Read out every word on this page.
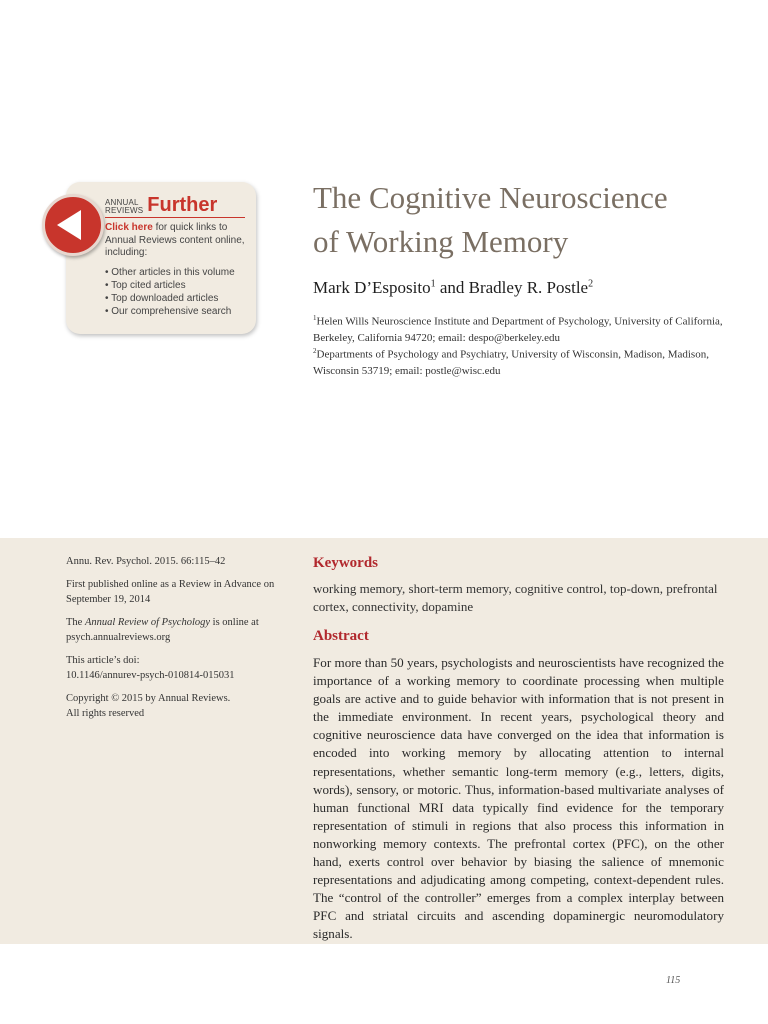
ANNUAL
REVIEWS Further
Click here for quick links to Annual Reviews content online, including:
• Other articles in this volume
• Top cited articles
• Top downloaded articles
• Our comprehensive search
The Cognitive Neuroscience
of Working Memory
Mark D’Esposito$^1$ and Bradley R. Postle$^2$
$^1$Helen Wills Neuroscience Institute and Department of Psychology, University of California, Berkeley, California 94720; email: despo@berkeley.edu
$^2$Departments of Psychology and Psychiatry, University of Wisconsin, Madison, Madison, Wisconsin 53719; email: postle@wisc.edu

Annu. Rev. Psychol. 2015. 66:115–42

First published online as a Review in Advance on September 19, 2014

The Annual Review of Psychology is online at psych.annualreviews.org

This article’s doi:
10.1146/annurev-psych-010814-015031

Copyright © 2015 by Annual Reviews.
All rights reserved

Keywords
working memory, short-term memory, cognitive control, top-down, prefrontal cortex, connectivity, dopamine
Abstract

For more than 50 years, psychologists and neuroscientists have recognized the importance of a working memory to coordinate processing when multiple goals are active and to guide behavior with information that is not present in the immediate environment. In recent years, psychological theory and cognitive neuroscience data have converged on the idea that information is encoded into working memory by allocating attention to internal representations, whether semantic long-term memory (e.g., letters, digits, words), sensory, or motoric. Thus, information-based multivariate analyses of human functional MRI data typically find evidence for the temporary representation of stimuli in regions that also process this information in nonworking memory contexts. The prefrontal cortex (PFC), on the other hand, exerts control over behavior by biasing the salience of mnemonic representations and adjudicating among competing, context-dependent rules. The “control of the controller” emerges from a complex interplay between PFC and striatal circuits and ascending dopaminergic neuromodulatory signals.

115
